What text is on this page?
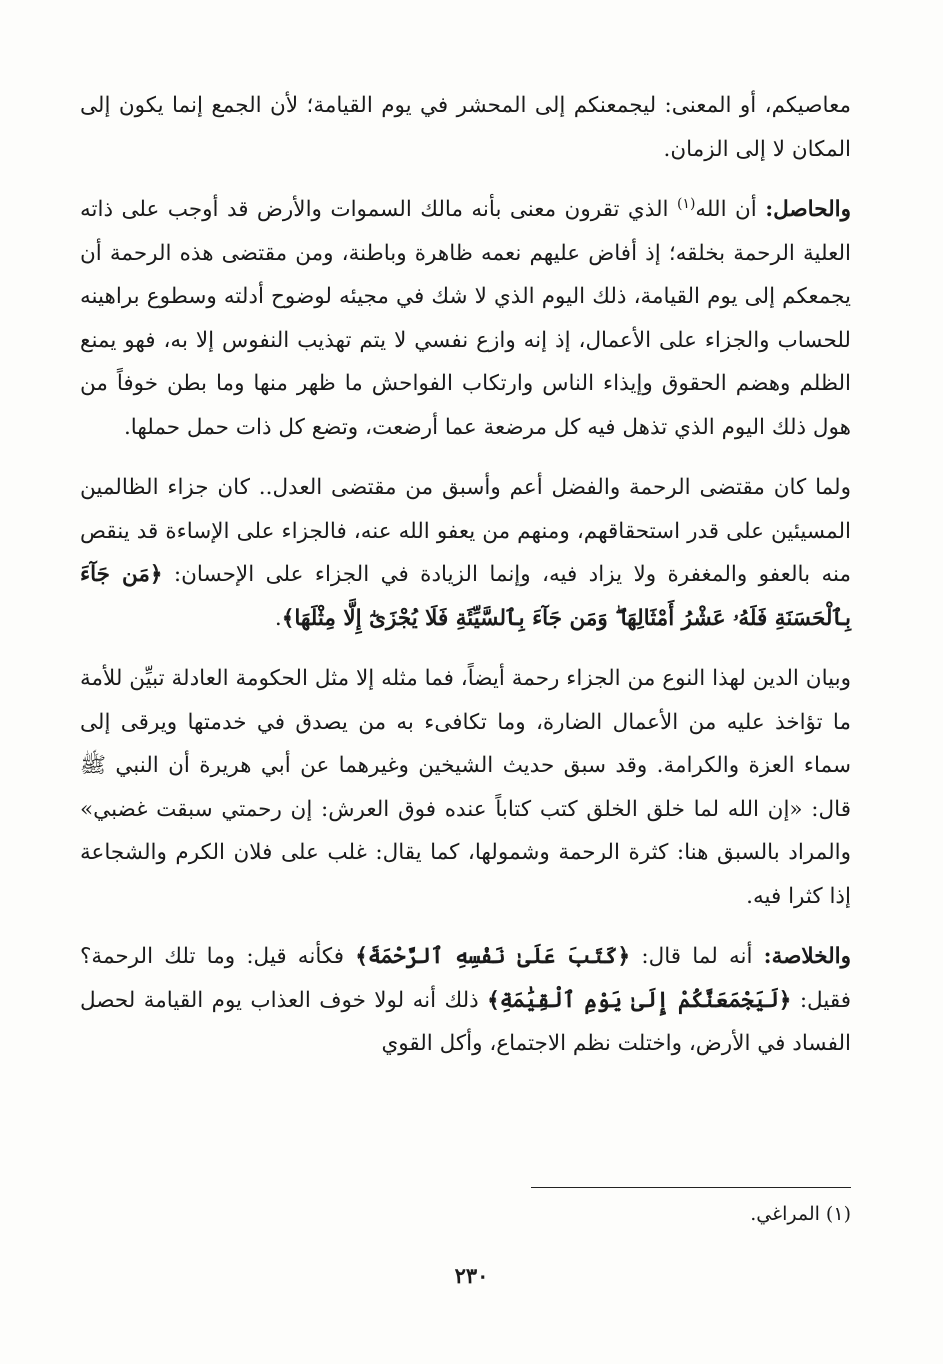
معاصيكم، أو المعنى: ليجمعنكم إلى المحشر في يوم القيامة؛ لأن الجمع إنما يكون إلى المكان لا إلى الزمان.

والحاصل: أن الله$^{(١)}$ الذي تقرون معنى بأنه مالك السموات والأرض قد أوجب على ذاته العلية الرحمة بخلقه؛ إذ أفاض عليهم نعمه ظاهرة وباطنة، ومن مقتضى هذه الرحمة أن يجمعكم إلى يوم القيامة، ذلك اليوم الذي لا شك في مجيئه لوضوح أدلته وسطوع براهينه للحساب والجزاء على الأعمال، إذ إنه وازع نفسي لا يتم تهذيب النفوس إلا به، فهو يمنع الظلم وهضم الحقوق وإيذاء الناس وارتكاب الفواحش ما ظهر منها وما بطن خوفاً من هول ذلك اليوم الذي تذهل فيه كل مرضعة عما أرضعت، وتضع كل ذات حمل حملها.

ولما كان مقتضى الرحمة والفضل أعم وأسبق من مقتضى العدل.. كان جزاء الظالمين المسيئين على قدر استحقاقهم، ومنهم من يعفو الله عنه، فالجزاء على الإساءة قد ينقص منه بالعفو والمغفرة ولا يزاد فيه، وإنما الزيادة في الجزاء على الإحسان: ﴿مَن جَآءَ بِٱلْحَسَنَةِ فَلَهُۥ عَشْرُ أَمْثَالِهَا ۖ وَمَن جَآءَ بِٱلسَّيِّئَةِ فَلَا يُجْزَىٰٓ إِلَّا مِثْلَهَا﴾.

وبيان الدين لهذا النوع من الجزاء رحمة أيضاً، فما مثله إلا مثل الحكومة العادلة تبيِّن للأمة ما تؤاخذ عليه من الأعمال الضارة، وما تكافىء به من يصدق في خدمتها ويرقى إلى سماء العزة والكرامة. وقد سبق حديث الشيخين وغيرهما عن أبي هريرة أن النبي ﷺ قال: «إن الله لما خلق الخلق كتب كتاباً عنده فوق العرش: إن رحمتي سبقت غضبي» والمراد بالسبق هنا: كثرة الرحمة وشمولها، كما يقال: غلب على فلان الكرم والشجاعة إذا كثرا فيه.

والخلاصة: أنه لما قال: ﴿كَتَبَ عَلَىٰ نَفْسِهِ ٱلرَّحْمَةَ﴾ فكأنه قيل: وما تلك الرحمة؟ فقيل: ﴿لَيَجْمَعَنَّكُمْ إِلَىٰ يَوْمِ ٱلْقِيَٰمَةِ﴾ ذلك أنه لولا خوف العذاب يوم القيامة لحصل الفساد في الأرض، واختلت نظم الاجتماع، وأكل القوي

(١) المراغي.
٢٣٠
